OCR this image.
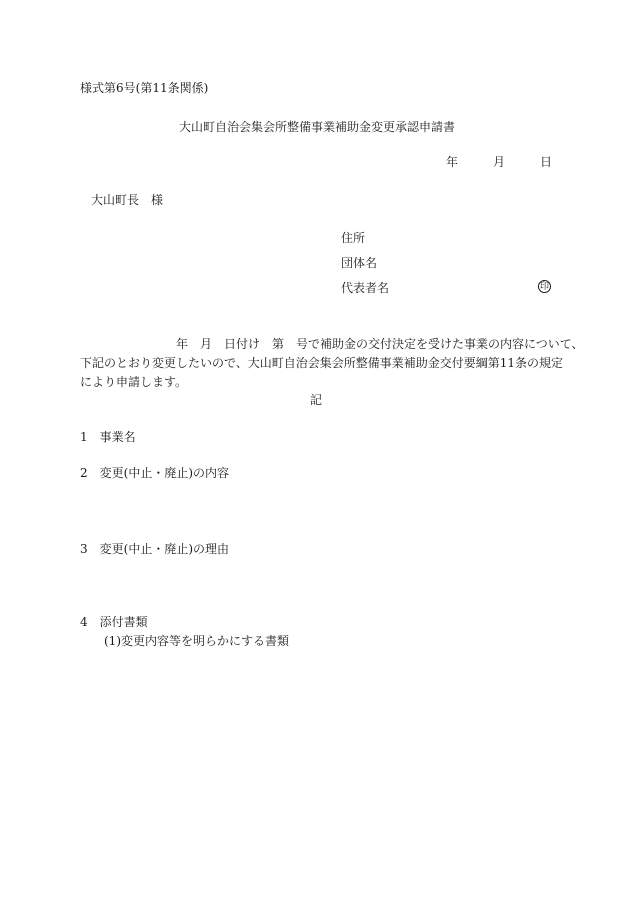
様式第6号(第11条関係)

大山町自治会集会所整備事業補助金変更承認申請書

年	月	日

大山町長　様

住所
団体名
代表者名	印
　　　　　　　　年　月　日付け　第　号で補助金の交付決定を受けた事業の内容について、
下記のとおり変更したいので、大山町自治会集会所整備事業補助金交付要綱第11条の規定
により申請します。

記

1　事業名

2　変更(中止・廃止)の内容

3　変更(中止・廃止)の理由

4　添付書類

(1)変更内容等を明らかにする書類
